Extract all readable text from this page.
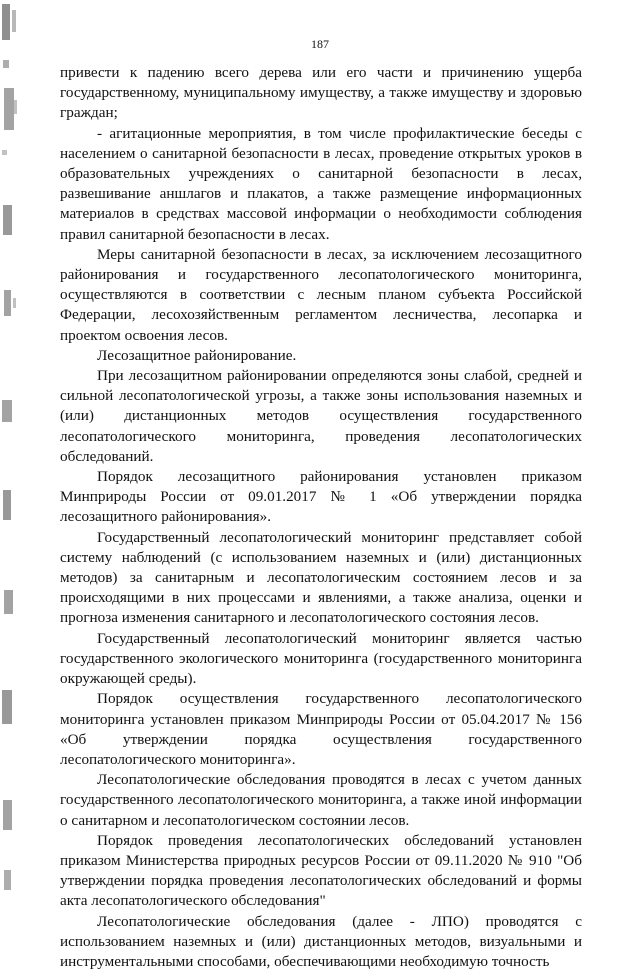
187

привести к падению всего дерева или его части и причинению ущерба государственному, муниципальному имуществу, а также имуществу и здоровью граждан;

- агитационные мероприятия, в том числе профилактические беседы с населением о санитарной безопасности в лесах, проведение открытых уроков в образовательных учреждениях о санитарной безопасности в лесах, развешивание аншлагов и плакатов, а также размещение информационных материалов в средствах массовой информации о необходимости соблюдения правил санитарной безопасности в лесах.

Меры санитарной безопасности в лесах, за исключением лесозащитного районирования и государственного лесопатологического мониторинга, осуществляются в соответствии с лесным планом субъекта Российской Федерации, лесохозяйственным регламентом лесничества, лесопарка и проектом освоения лесов.

Лесозащитное районирование.

При лесозащитном районировании определяются зоны слабой, средней и сильной лесопатологической угрозы, а также зоны использования наземных и (или) дистанционных методов осуществления государственного лесопатологического мониторинга, проведения лесопатологических обследований.

Порядок лесозащитного районирования установлен приказом Минприроды России от 09.01.2017 № 1 «Об утверждении порядка лесозащитного районирования».

Государственный лесопатологический мониторинг представляет собой систему наблюдений (с использованием наземных и (или) дистанционных методов) за санитарным и лесопатологическим состоянием лесов и за происходящими в них процессами и явлениями, а также анализа, оценки и прогноза изменения санитарного и лесопатологического состояния лесов.

Государственный лесопатологический мониторинг является частью государственного экологического мониторинга (государственного мониторинга окружающей среды).

Порядок осуществления государственного лесопатологического мониторинга установлен приказом Минприроды России от 05.04.2017 № 156 «Об утверждении порядка осуществления государственного лесопатологического мониторинга».

Лесопатологические обследования проводятся в лесах с учетом данных государственного лесопатологического мониторинга, а также иной информации о санитарном и лесопатологическом состоянии лесов.

Порядок проведения лесопатологических обследований установлен приказом Министерства природных ресурсов России от 09.11.2020 № 910 "Об утверждении порядка проведения лесопатологических обследований и формы акта лесопатологического обследования"

Лесопатологические обследования (далее - ЛПО) проводятся с использованием наземных и (или) дистанционных методов, визуальными и инструментальными способами, обеспечивающими необходимую точность
